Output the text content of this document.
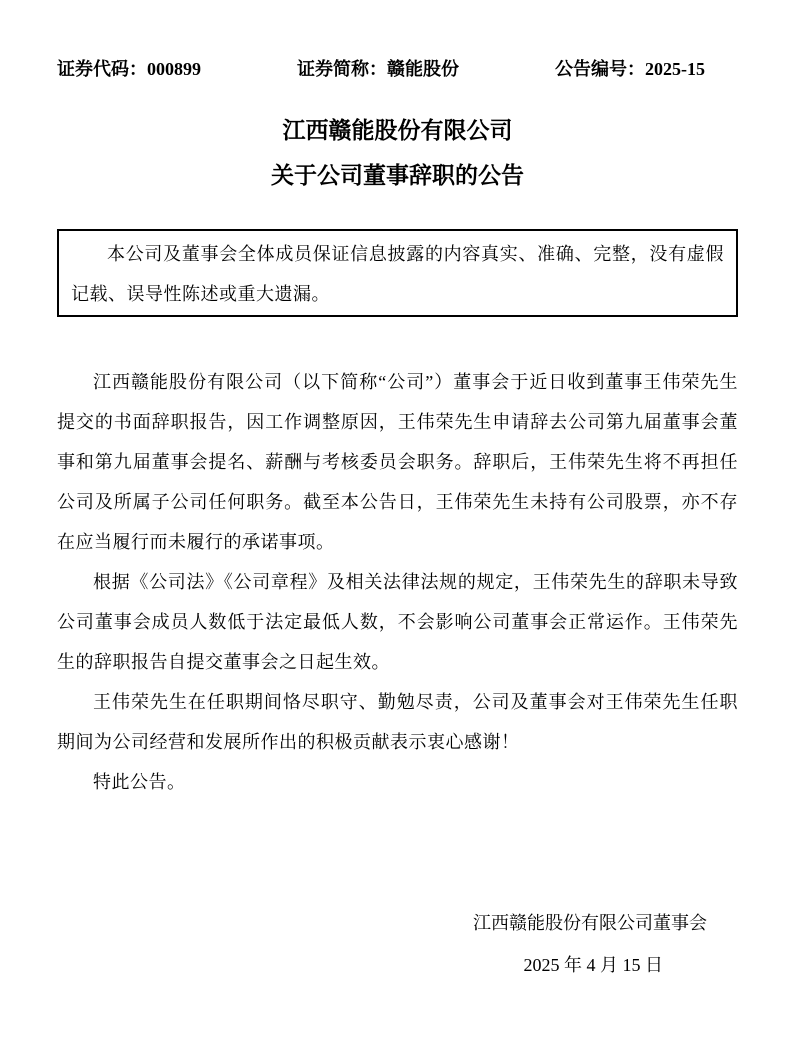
证券代码：000899	证券简称：赣能股份	公告编号：2025-15
江西赣能股份有限公司
关于公司董事辞职的公告

本公司及董事会全体成员保证信息披露的内容真实、准确、完整，没有虚假记载、误导性陈述或重大遗漏。

江西赣能股份有限公司（以下简称“公司”）董事会于近日收到董事王伟荣先生提交的书面辞职报告，因工作调整原因，王伟荣先生申请辞去公司第九届董事会董事和第九届董事会提名、薪酬与考核委员会职务。辞职后，王伟荣先生将不再担任公司及所属子公司任何职务。截至本公告日，王伟荣先生未持有公司股票，亦不存在应当履行而未履行的承诺事项。

根据《公司法》《公司章程》及相关法律法规的规定，王伟荣先生的辞职未导致公司董事会成员人数低于法定最低人数，不会影响公司董事会正常运作。王伟荣先生的辞职报告自提交董事会之日起生效。

王伟荣先生在任职期间恪尽职守、勤勉尽责，公司及董事会对王伟荣先生任职期间为公司经营和发展所作出的积极贡献表示衷心感谢！

特此公告。

江西赣能股份有限公司董事会
2025 年 4 月 15 日
